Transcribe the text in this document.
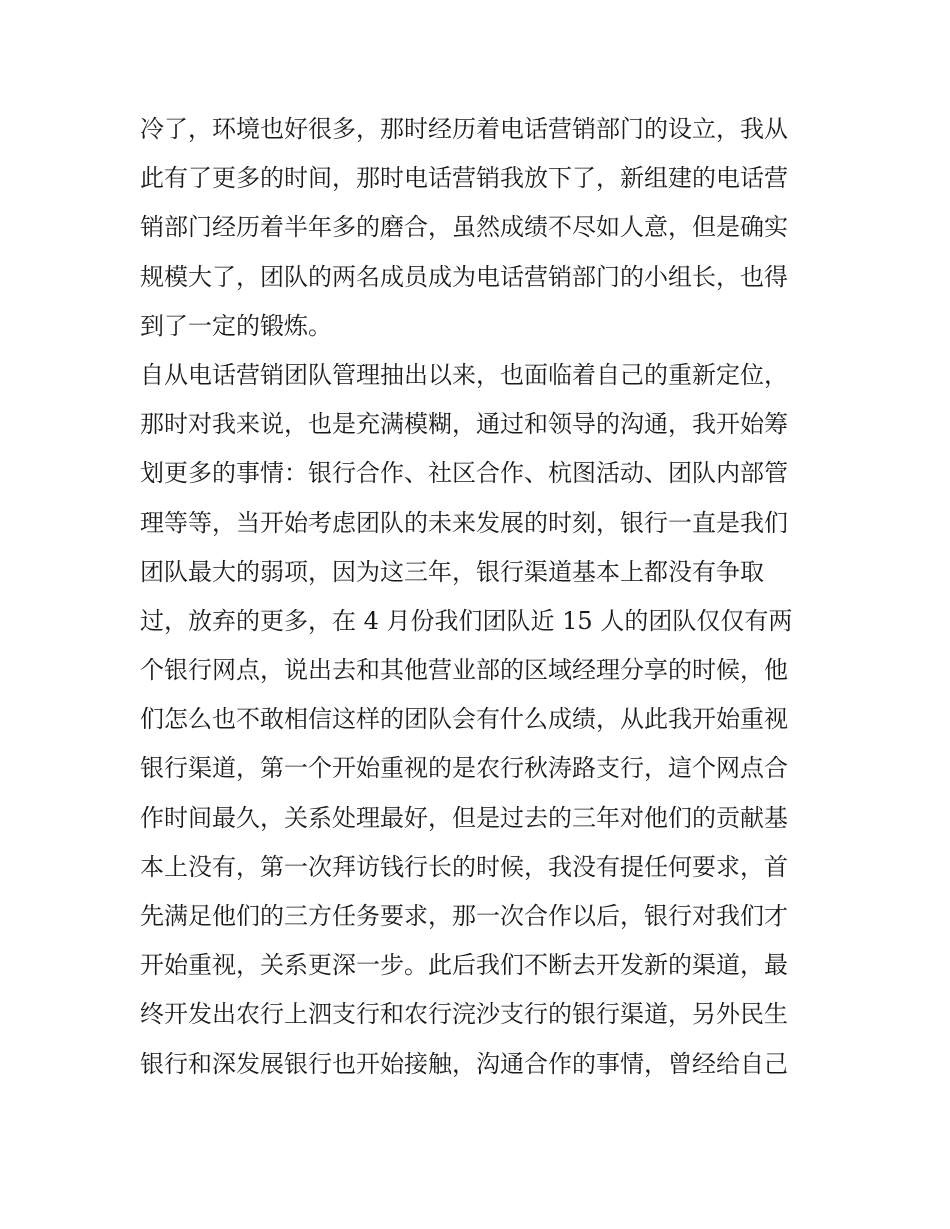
冷了，环境也好很多，那时经历着电话营销部门的设立，我从
此有了更多的时间，那时电话营销我放下了，新组建的电话营
销部门经历着半年多的磨合，虽然成绩不尽如人意，但是确实
规模大了，团队的两名成员成为电话营销部门的小组长，也得
到了一定的锻炼。
自从电话营销团队管理抽出以来，也面临着自己的重新定位，
那时对我来说，也是充满模糊，通过和领导的沟通，我开始筹
划更多的事情：银行合作、社区合作、杭图活动、团队内部管
理等等，当开始考虑团队的未来发展的时刻，银行一直是我们
团队最大的弱项，因为这三年，银行渠道基本上都没有争取
过，放弃的更多，在 4 月份我们团队近 15 人的团队仅仅有两
个银行网点，说出去和其他营业部的区域经理分享的时候，他
们怎么也不敢相信这样的团队会有什么成绩，从此我开始重视
银行渠道，第一个开始重视的是农行秋涛路支行，這个网点合
作时间最久，关系处理最好，但是过去的三年对他们的贡献基
本上没有，第一次拜访钱行长的时候，我没有提任何要求，首
先满足他们的三方任务要求，那一次合作以后，银行对我们才
开始重视，关系更深一步。此后我们不断去开发新的渠道，最
终开发出农行上泗支行和农行浣沙支行的银行渠道，另外民生
银行和深发展银行也开始接触，沟通合作的事情，曾经给自己
